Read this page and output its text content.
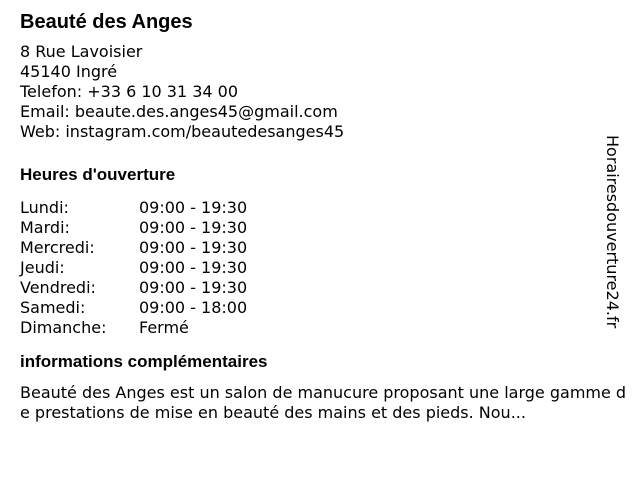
Beauté des Anges
8 Rue Lavoisier
45140 Ingré
Telefon: +33 6 10 31 34 00
Email: beaute.des.anges45@gmail.com
Web: instagram.com/beautedesanges45
Heures d'ouverture
Lundi:	09:00 - 19:30
Mardi:	09:00 - 19:30
Mercredi:	09:00 - 19:30
Jeudi:	09:00 - 19:30
Vendredi:	09:00 - 19:30
Samedi:	09:00 - 18:00
Dimanche:	Fermé
informations complémentaires
Beauté des Anges est un salon de manucure proposant une large gamme de prestations de mise en beauté des mains et des pieds. Nou...
Horairesdouverture24.fr
